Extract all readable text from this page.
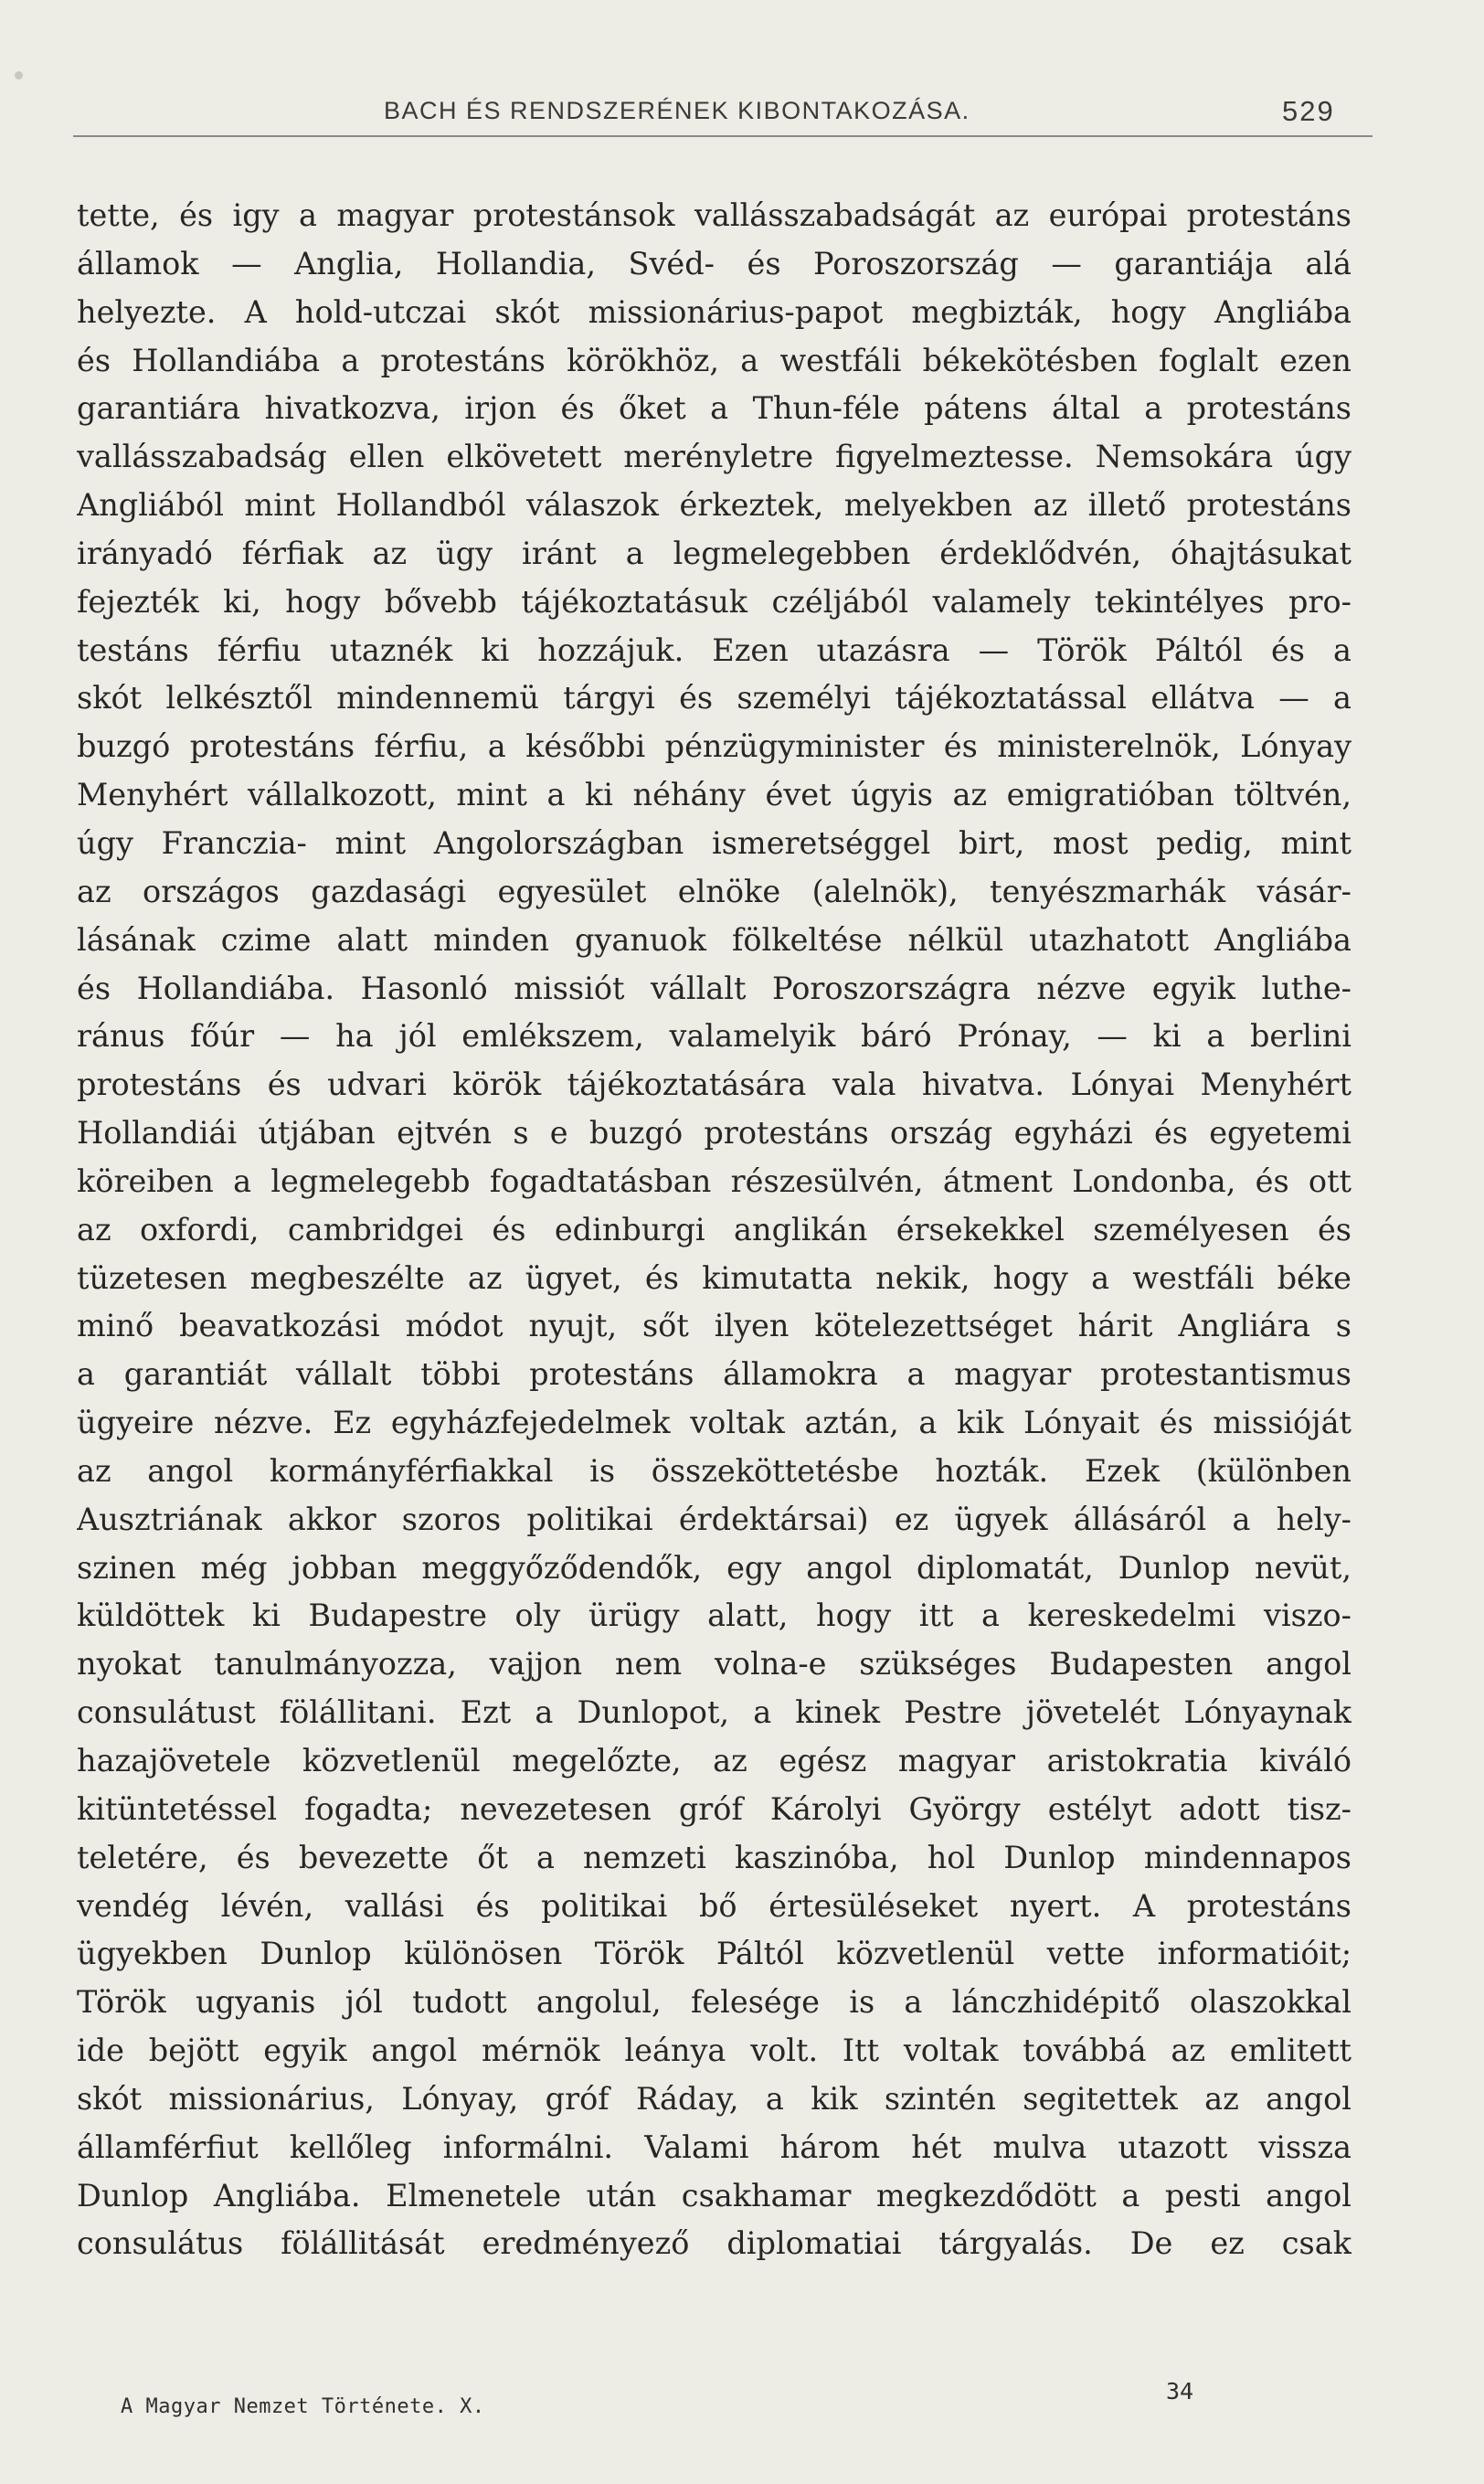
BACH ÉS RENDSZERÉNEK KIBONTAKOZÁSA.	529
tette, és igy a magyar protestánsok vallásszabadságát az európai protestáns
államok — Anglia, Hollandia, Svéd- és Poroszország — garantiája alá
helyezte. A hold-utczai skót missionárius-papot megbizták, hogy Angliába
és Hollandiába a protestáns körökhöz, a westfáli békekötésben foglalt ezen
garantiára hivatkozva, irjon és őket a Thun-féle pátens által a protestáns
vallásszabadság ellen elkövetett merényletre figyelmeztesse. Nemsokára úgy
Angliából mint Hollandból válaszok érkeztek, melyekben az illető protestáns
irányadó férfiak az ügy iránt a legmelegebben érdeklődvén, óhajtásukat
fejezték ki, hogy bővebb tájékoztatásuk czéljából valamely tekintélyes pro-
testáns férfiu utaznék ki hozzájuk. Ezen utazásra — Török Páltól és a
skót lelkésztől mindennemü tárgyi és személyi tájékoztatással ellátva — a
buzgó protestáns férfiu, a későbbi pénzügyminister és ministerelnök, Lónyay
Menyhért vállalkozott, mint a ki néhány évet úgyis az emigratióban töltvén,
úgy Franczia- mint Angolországban ismeretséggel birt, most pedig, mint
az országos gazdasági egyesület elnöke (alelnök), tenyészmarhák vásár-
lásának czime alatt minden gyanuok fölkeltése nélkül utazhatott Angliába
és Hollandiába. Hasonló missiót vállalt Poroszországra nézve egyik luthe-
ránus főúr — ha jól emlékszem, valamelyik báró Prónay, — ki a berlini
protestáns és udvari körök tájékoztatására vala hivatva. Lónyai Menyhért
Hollandiái útjában ejtvén s e buzgó protestáns ország egyházi és egyetemi
köreiben a legmelegebb fogadtatásban részesülvén, átment Londonba, és ott
az oxfordi, cambridgei és edinburgi anglikán érsekekkel személyesen és
tüzetesen megbeszélte az ügyet, és kimutatta nekik, hogy a westfáli béke
minő beavatkozási módot nyujt, sőt ilyen kötelezettséget hárit Angliára s
a garantiát vállalt többi protestáns államokra a magyar protestantismus
ügyeire nézve. Ez egyházfejedelmek voltak aztán, a kik Lónyait és missióját
az angol kormányférfiakkal is összeköttetésbe hozták. Ezek (különben
Ausztriának akkor szoros politikai érdektársai) ez ügyek állásáról a hely-
szinen még jobban meggyőződendők, egy angol diplomatát, Dunlop nevüt,
küldöttek ki Budapestre oly ürügy alatt, hogy itt a kereskedelmi viszo-
nyokat tanulmányozza, vajjon nem volna-e szükséges Budapesten angol
consulátust fölállitani. Ezt a Dunlopot, a kinek Pestre jövetelét Lónyaynak
hazajövetele közvetlenül megelőzte, az egész magyar aristokratia kiváló
kitüntetéssel fogadta; nevezetesen gróf Károlyi György estélyt adott tisz-
teletére, és bevezette őt a nemzeti kaszinóba, hol Dunlop mindennapos
vendég lévén, vallási és politikai bő értesüléseket nyert. A protestáns
ügyekben Dunlop különösen Török Páltól közvetlenül vette informatióit;
Török ugyanis jól tudott angolul, felesége is a lánczhidépitő olaszokkal
ide bejött egyik angol mérnök leánya volt. Itt voltak továbbá az emlitett
skót missionárius, Lónyay, gróf Ráday, a kik szintén segitettek az angol
államférfiut kellőleg informálni. Valami három hét mulva utazott vissza
Dunlop Angliába. Elmenetele után csakhamar megkezdődött a pesti angol
consulátus fölállitását eredményező diplomatiai tárgyalás. De ez csak
A Magyar Nemzet Története. X.
34
